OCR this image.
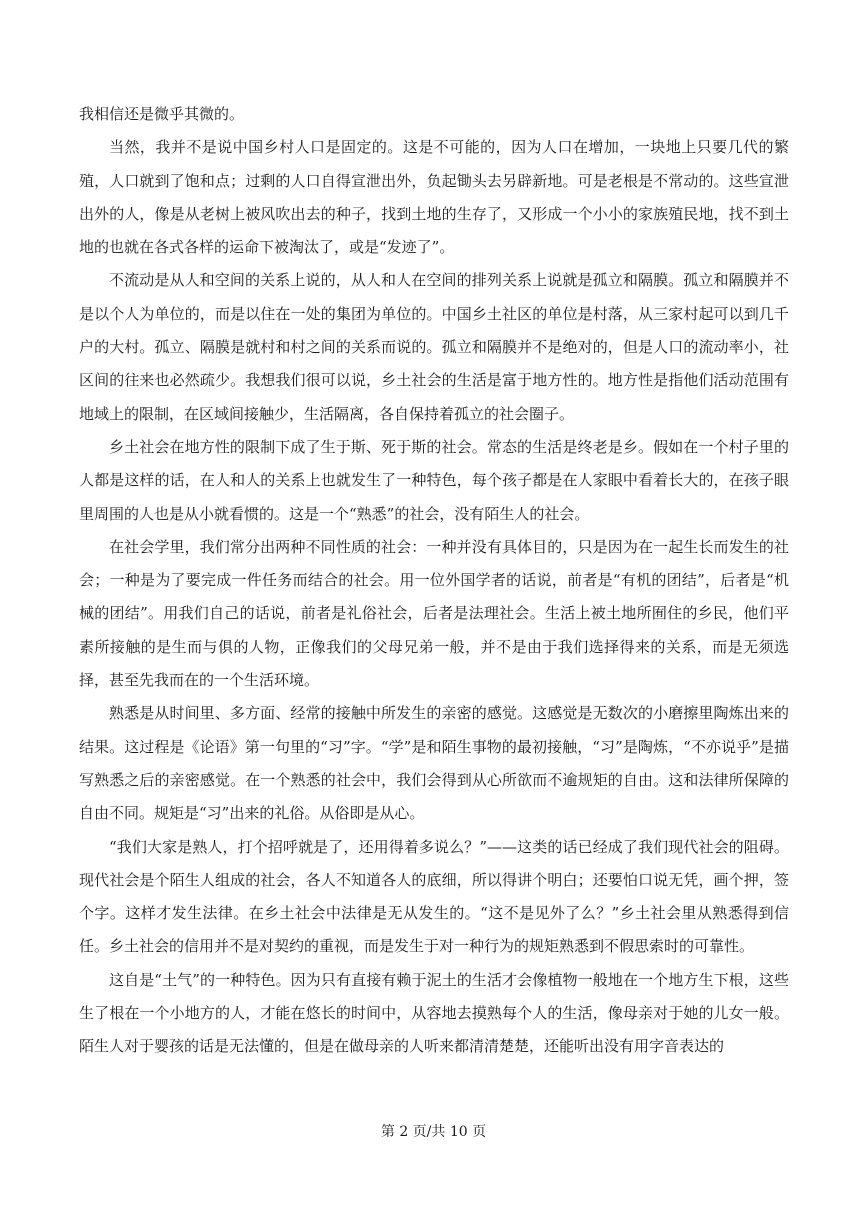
我相信还是微乎其微的。

当然，我并不是说中国乡村人口是固定的。这是不可能的，因为人口在增加，一块地上只要几代的繁殖，人口就到了饱和点；过剩的人口自得宣泄出外，负起锄头去另辟新地。可是老根是不常动的。这些宣泄出外的人，像是从老树上被风吹出去的种子，找到土地的生存了，又形成一个小小的家族殖民地，找不到土地的也就在各式各样的运命下被淘汰了，或是“发迹了”。

不流动是从人和空间的关系上说的，从人和人在空间的排列关系上说就是孤立和隔膜。孤立和隔膜并不是以个人为单位的，而是以住在一处的集团为单位的。中国乡土社区的单位是村落，从三家村起可以到几千户的大村。孤立、隔膜是就村和村之间的关系而说的。孤立和隔膜并不是绝对的，但是人口的流动率小，社区间的往来也必然疏少。我想我们很可以说，乡土社会的生活是富于地方性的。地方性是指他们活动范围有地域上的限制，在区域间接触少，生活隔离，各自保持着孤立的社会圈子。

乡土社会在地方性的限制下成了生于斯、死于斯的社会。常态的生活是终老是乡。假如在一个村子里的人都是这样的话，在人和人的关系上也就发生了一种特色，每个孩子都是在人家眼中看着长大的，在孩子眼里周围的人也是从小就看惯的。这是一个“熟悉”的社会，没有陌生人的社会。

在社会学里，我们常分出两种不同性质的社会：一种并没有具体目的，只是因为在一起生长而发生的社会；一种是为了要完成一件任务而结合的社会。用一位外国学者的话说，前者是“有机的团结”，后者是“机械的团结”。用我们自己的话说，前者是礼俗社会，后者是法理社会。生活上被土地所囿住的乡民，他们平素所接触的是生而与俱的人物，正像我们的父母兄弟一般，并不是由于我们选择得来的关系，而是无须选择，甚至先我而在的一个生活环境。

熟悉是从时间里、多方面、经常的接触中所发生的亲密的感觉。这感觉是无数次的小磨擦里陶炼出来的结果。这过程是《论语》第一句里的“习”字。“学”是和陌生事物的最初接触，“习”是陶炼，“不亦说乎”是描写熟悉之后的亲密感觉。在一个熟悉的社会中，我们会得到从心所欲而不逾规矩的自由。这和法律所保障的自由不同。规矩是“习”出来的礼俗。从俗即是从心。

“我们大家是熟人，打个招呼就是了，还用得着多说么？”——这类的话已经成了我们现代社会的阻碍。现代社会是个陌生人组成的社会，各人不知道各人的底细，所以得讲个明白；还要怕口说无凭，画个押，签个字。这样才发生法律。在乡土社会中法律是无从发生的。“这不是见外了么？”乡土社会里从熟悉得到信任。乡土社会的信用并不是对契约的重视，而是发生于对一种行为的规矩熟悉到不假思索时的可靠性。

这自是“土气”的一种特色。因为只有直接有赖于泥土的生活才会像植物一般地在一个地方生下根，这些生了根在一个小地方的人，才能在悠长的时间中，从容地去摸熟每个人的生活，像母亲对于她的儿女一般。陌生人对于婴孩的话是无法懂的，但是在做母亲的人听来都清清楚楚，还能听出没有用字音表达的

第 2 页/共 10 页
